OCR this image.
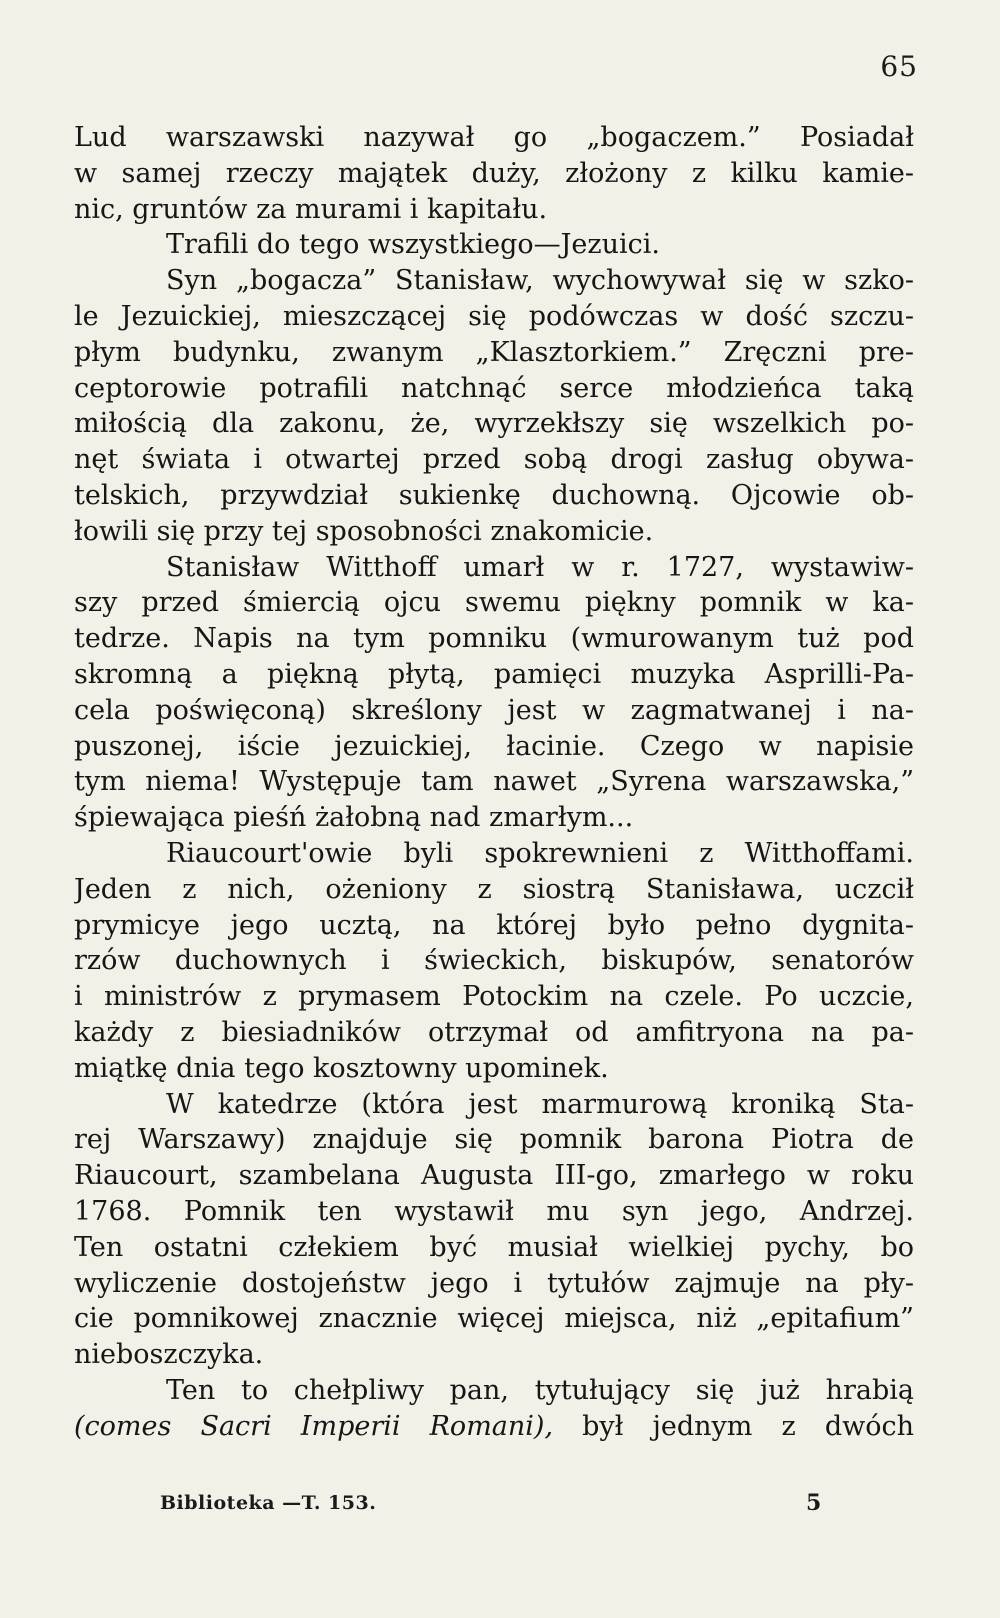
65
Lud warszawski nazywał go „bogaczem.” Posiadał
w samej rzeczy majątek duży, złożony z kilku kamie-
nic, gruntów za murami i kapitału.
Trafili do tego wszystkiego—Jezuici.
Syn „bogacza” Stanisław, wychowywał się w szko-
le Jezuickiej, mieszczącej się podówczas w dość szczu-
płym budynku, zwanym „Klasztorkiem.” Zręczni pre-
ceptorowie potrafili natchnąć serce młodzieńca taką
miłością dla zakonu, że, wyrzekłszy się wszelkich po-
nęt świata i otwartej przed sobą drogi zasług obywa-
telskich, przywdział sukienkę duchowną. Ojcowie ob-
łowili się przy tej sposobności znakomicie.
Stanisław Witthoff umarł w r. 1727, wystawiw-
szy przed śmiercią ojcu swemu piękny pomnik w ka-
tedrze. Napis na tym pomniku (wmurowanym tuż pod
skromną a piękną płytą, pamięci muzyka Asprilli-Pa-
cela poświęconą) skreślony jest w zagmatwanej i na-
puszonej, iście jezuickiej, łacinie. Czego w napisie
tym niema! Występuje tam nawet „Syrena warszawska,”
śpiewająca pieśń żałobną nad zmarłym...
Riaucourt'owie byli spokrewnieni z Witthoffami.
Jeden z nich, ożeniony z siostrą Stanisława, uczcił
prymicye jego ucztą, na której było pełno dygnita-
rzów duchownych i świeckich, biskupów, senatorów
i ministrów z prymasem Potockim na czele. Po uczcie,
każdy z biesiadników otrzymał od amfitryona na pa-
miątkę dnia tego kosztowny upominek.
W katedrze (która jest marmurową kroniką Sta-
rej Warszawy) znajduje się pomnik barona Piotra de
Riaucourt, szambelana Augusta III-go, zmarłego w roku
1768. Pomnik ten wystawił mu syn jego, Andrzej.
Ten ostatni człekiem być musiał wielkiej pychy, bo
wyliczenie dostojeństw jego i tytułów zajmuje na pły-
cie pomnikowej znacznie więcej miejsca, niż „epitafium”
nieboszczyka.
Ten to chełpliwy pan, tytułujący się już hrabią
(comes Sacri Imperii Romani), był jednym z dwóch
Biblioteka —T. 153.	5
